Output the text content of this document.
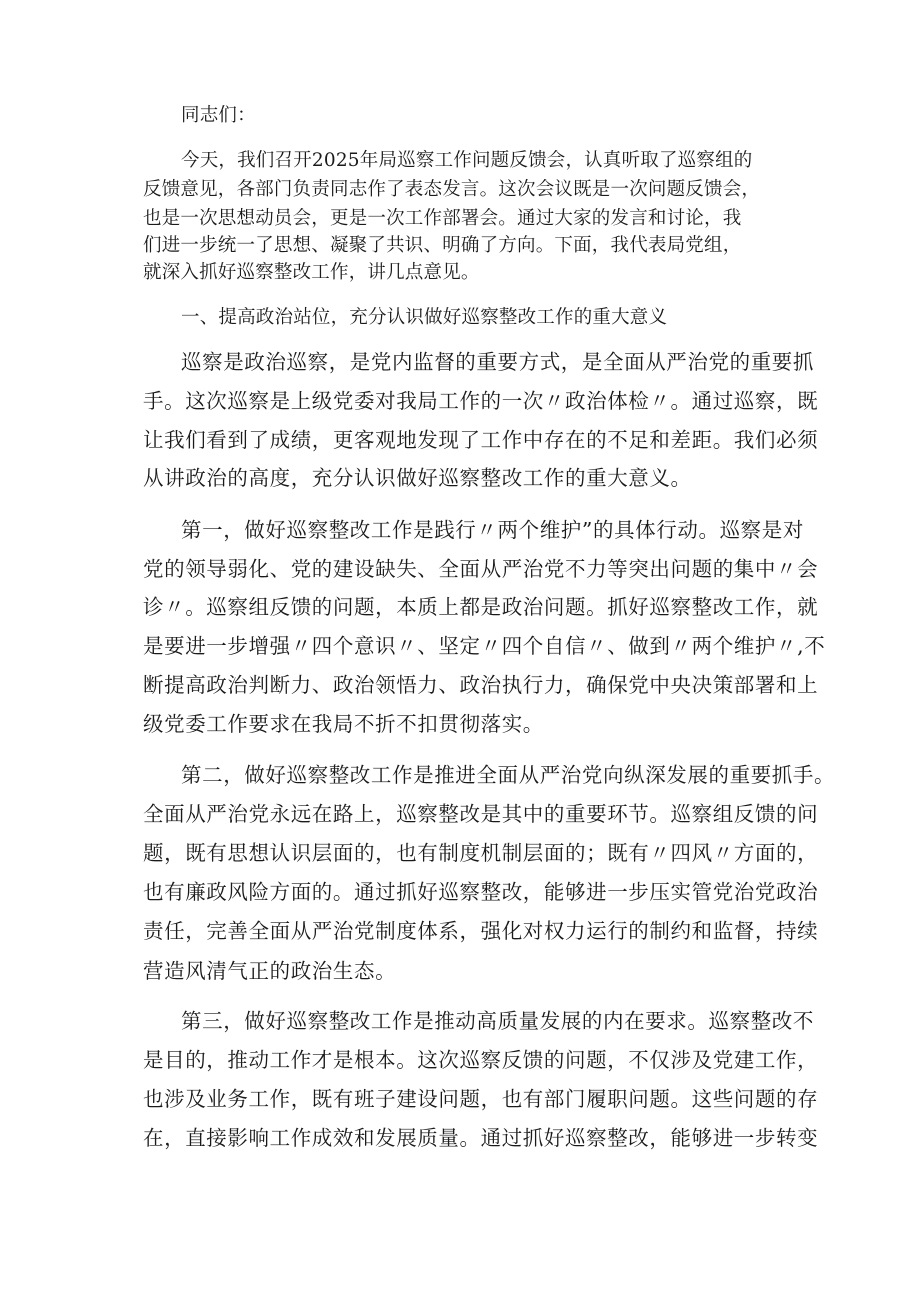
同志们：
今天，我们召开2025年局巡察工作问题反馈会，认真听取了巡察组的
反馈意见，各部门负责同志作了表态发言。这次会议既是一次问题反馈会，
也是一次思想动员会，更是一次工作部署会。通过大家的发言和讨论，我
们进一步统一了思想、凝聚了共识、明确了方向。下面，我代表局党组，
就深入抓好巡察整改工作，讲几点意见。
一、提高政治站位，充分认识做好巡察整改工作的重大意义
巡察是政治巡察，是党内监督的重要方式，是全面从严治党的重要抓
手。这次巡察是上级党委对我局工作的一次〃政治体检〃。通过巡察，既
让我们看到了成绩，更客观地发现了工作中存在的不足和差距。我们必须
从讲政治的高度，充分认识做好巡察整改工作的重大意义。
第一，做好巡察整改工作是践行〃两个维护”的具体行动。巡察是对
党的领导弱化、党的建设缺失、全面从严治党不力等突出问题的集中〃会
诊〃。巡察组反馈的问题，本质上都是政治问题。抓好巡察整改工作，就
是要进一步增强〃四个意识〃、坚定〃四个自信〃、做到〃两个维护〃,不
断提高政治判断力、政治领悟力、政治执行力，确保党中央决策部署和上
级党委工作要求在我局不折不扣贯彻落实。
第二，做好巡察整改工作是推进全面从严治党向纵深发展的重要抓手。
全面从严治党永远在路上，巡察整改是其中的重要环节。巡察组反馈的问
题，既有思想认识层面的，也有制度机制层面的；既有〃四风〃方面的，
也有廉政风险方面的。通过抓好巡察整改，能够进一步压实管党治党政治
责任，完善全面从严治党制度体系，强化对权力运行的制约和监督，持续
营造风清气正的政治生态。
第三，做好巡察整改工作是推动高质量发展的内在要求。巡察整改不
是目的，推动工作才是根本。这次巡察反馈的问题，不仅涉及党建工作，
也涉及业务工作，既有班子建设问题，也有部门履职问题。这些问题的存
在，直接影响工作成效和发展质量。通过抓好巡察整改，能够进一步转变
